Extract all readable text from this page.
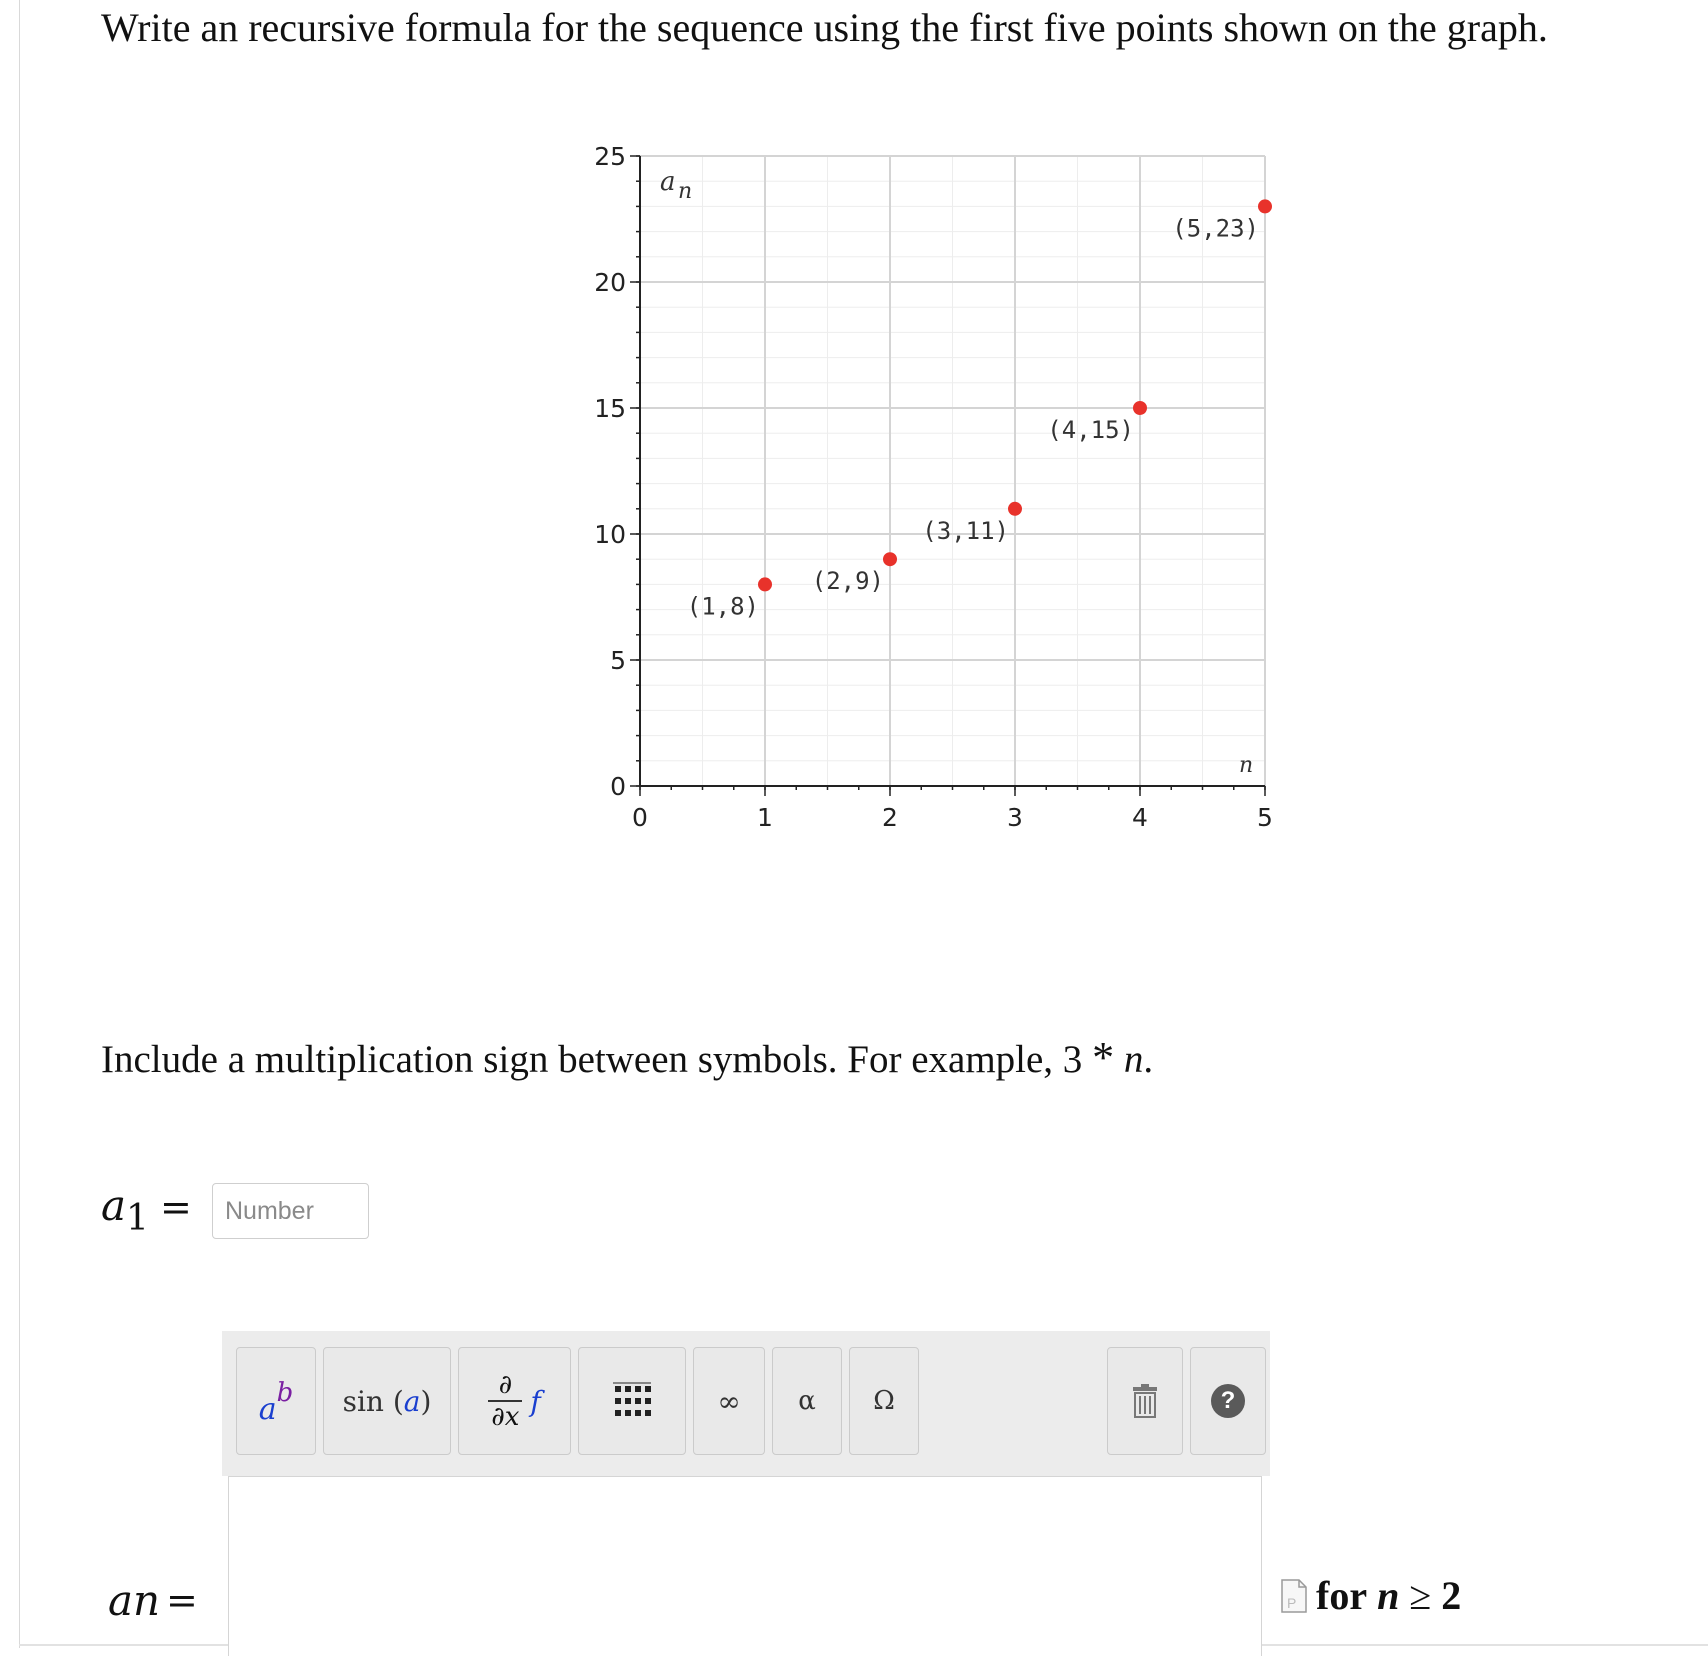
Write an recursive formula for the sequence using the first five points shown on the graph.
0	1	2	3	4	5
0
5
10
15
20
25
a n
n
(1,8)
(2,9)
(3,11)
(4,15)
(5,23)
Include a multiplication sign between symbols. For example, 3 * n.
a1 =
Number
ab sin (a)	∂
∂x f	∞ α Ω	?
an =	P for n ≥ 2
